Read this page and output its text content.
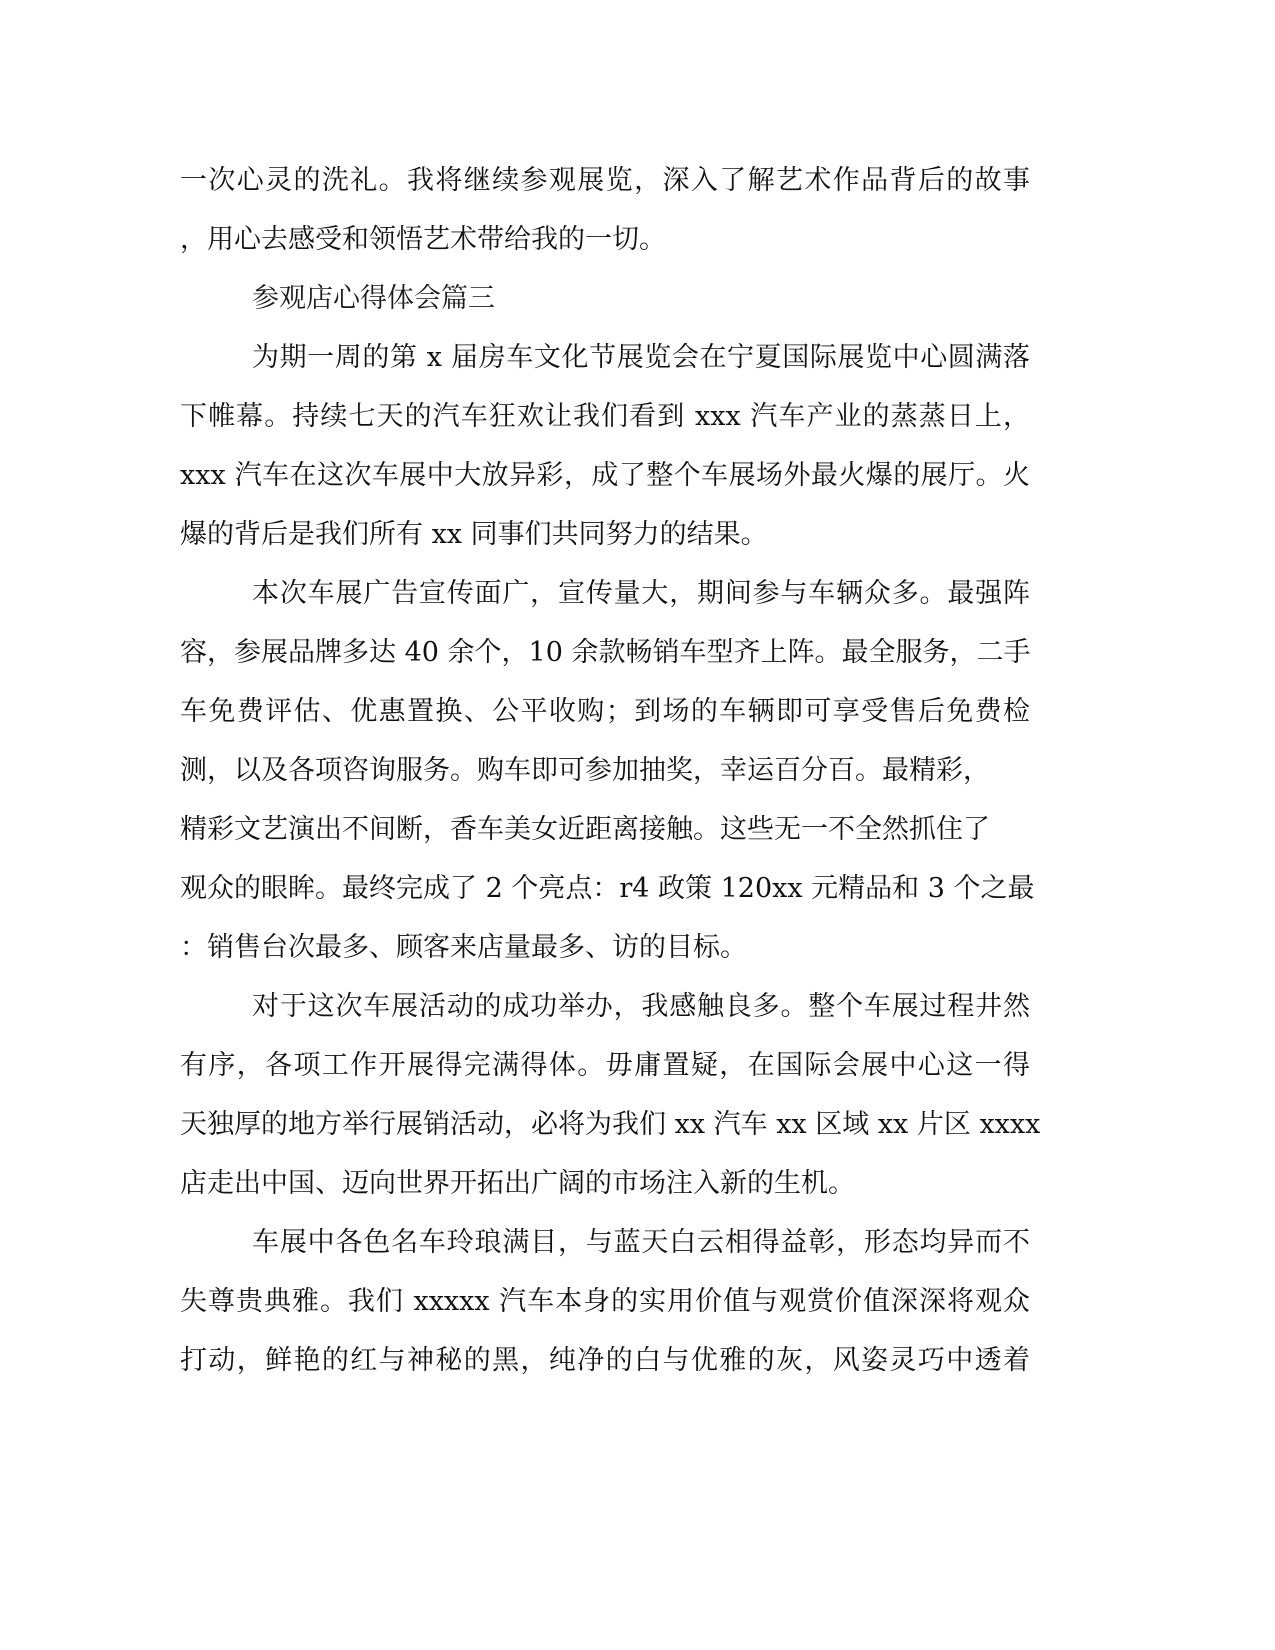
一次心灵的洗礼。我将继续参观展览，深入了解艺术作品背后的故事
，用心去感受和领悟艺术带给我的一切。
参观店心得体会篇三
为期一周的第 x 届房车文化节展览会在宁夏国际展览中心圆满落
下帷幕。持续七天的汽车狂欢让我们看到 xxx 汽车产业的蒸蒸日上，
xxx 汽车在这次车展中大放异彩，成了整个车展场外最火爆的展厅。火
爆的背后是我们所有 xx 同事们共同努力的结果。
本次车展广告宣传面广，宣传量大，期间参与车辆众多。最强阵
容，参展品牌多达 40 余个，10 余款畅销车型齐上阵。最全服务，二手
车免费评估、优惠置换、公平收购；到场的车辆即可享受售后免费检
测，以及各项咨询服务。购车即可参加抽奖，幸运百分百。最精彩，
精彩文艺演出不间断，香车美女近距离接触。这些无一不全然抓住了
观众的眼眸。最终完成了 2 个亮点：r4 政策 120xx 元精品和 3 个之最
：销售台次最多、顾客来店量最多、访的目标。
对于这次车展活动的成功举办，我感触良多。整个车展过程井然
有序，各项工作开展得完满得体。毋庸置疑，在国际会展中心这一得
天独厚的地方举行展销活动，必将为我们 xx 汽车 xx 区域 xx 片区 xxxx
店走出中国、迈向世界开拓出广阔的市场注入新的生机。
车展中各色名车玲琅满目，与蓝天白云相得益彰，形态均异而不
失尊贵典雅。我们 xxxxx 汽车本身的实用价值与观赏价值深深将观众
打动，鲜艳的红与神秘的黑，纯净的白与优雅的灰，风姿灵巧中透着
